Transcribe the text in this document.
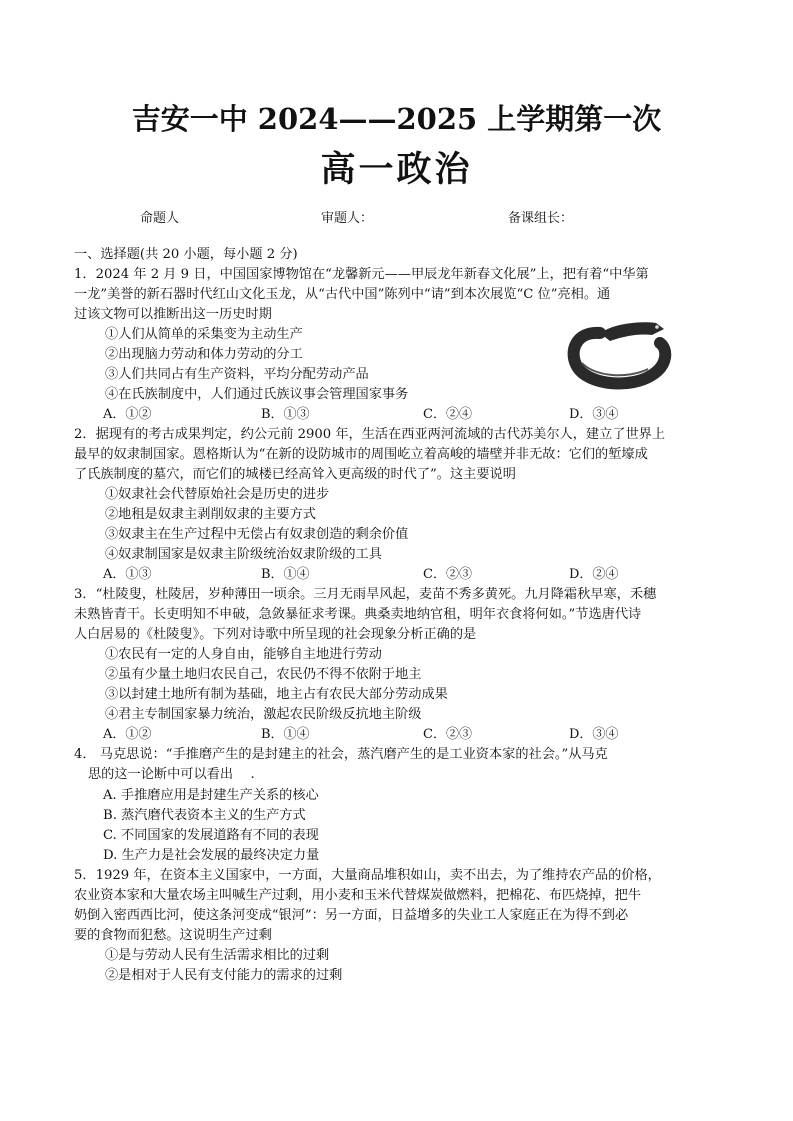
吉安一中 2024——2025 上学期第一次
高一政治
命题人	审题人：	备课组长：
一、选择题(共 20 小题，每小题 2 分)
1．2024 年 2 月 9 日，中国国家博物馆在“龙馨新元——甲辰龙年新春文化展”上，把有着“中华第
一龙”美誉的新石器时代红山文化玉龙，从“古代中国”陈列中“请”到本次展览“C 位”亮相。通
过该文物可以推断出这一历史时期
①人们从简单的采集变为主动生产
②出现脑力劳动和体力劳动的分工
③人们共同占有生产资料，平均分配劳动产品
④在氏族制度中，人们通过氏族议事会管理国家事务
A．①②	B．①③	C．②④	D．③④
2．据现有的考古成果判定，约公元前 2900 年，生活在西亚两河流域的古代苏美尔人，建立了世界上
最早的奴隶制国家。恩格斯认为“在新的设防城市的周围屹立着高峻的墙壁并非无故：它们的堑壕成
了氏族制度的墓穴，而它们的城楼已经高耸入更高级的时代了”。这主要说明
①奴隶社会代替原始社会是历史的进步
②地租是奴隶主剥削奴隶的主要方式
③奴隶主在生产过程中无偿占有奴隶创造的剩余价值
④奴隶制国家是奴隶主阶级统治奴隶阶级的工具
A．①③	B．①④	C．②③	D．②④
3．“杜陵叟，杜陵居，岁种薄田一顷余。三月无雨旱风起，麦苗不秀多黄死。九月降霜秋早寒，禾穗
未熟皆青干。长吏明知不申破，急敛暴征求考课。典桑卖地纳官租，明年衣食将何如。”节选唐代诗
人白居易的《杜陵叟》。下列对诗歌中所呈现的社会现象分析正确的是
①农民有一定的人身自由，能够自主地进行劳动
②虽有少量土地归农民自己，农民仍不得不依附于地主
③以封建土地所有制为基础，地主占有农民大部分劳动成果
④君主专制国家暴力统治，激起农民阶级反抗地主阶级
A．①②	B．①④	C．②③	D．③④
4． 马克思说：“手推磨产生的是封建主的社会，蒸汽磨产生的是工业资本家的社会。”从马克
思的这一论断中可以看出　 .
A. 手推磨应用是封建生产关系的核心
B. 蒸汽磨代表资本主义的生产方式
C. 不同国家的发展道路有不同的表现
D. 生产力是社会发展的最终决定力量
5．1929 年，在资本主义国家中，一方面，大量商品堆积如山，卖不出去，为了维持农产品的价格，
农业资本家和大量农场主叫喊生产过剩，用小麦和玉米代替煤炭做燃料，把棉花、布匹烧掉，把牛
奶倒入密西西比河，使这条河变成“银河”：另一方面，日益增多的失业工人家庭正在为得不到必
要的食物而犯愁。这说明生产过剩
①是与劳动人民有生活需求相比的过剩
②是相对于人民有支付能力的需求的过剩
